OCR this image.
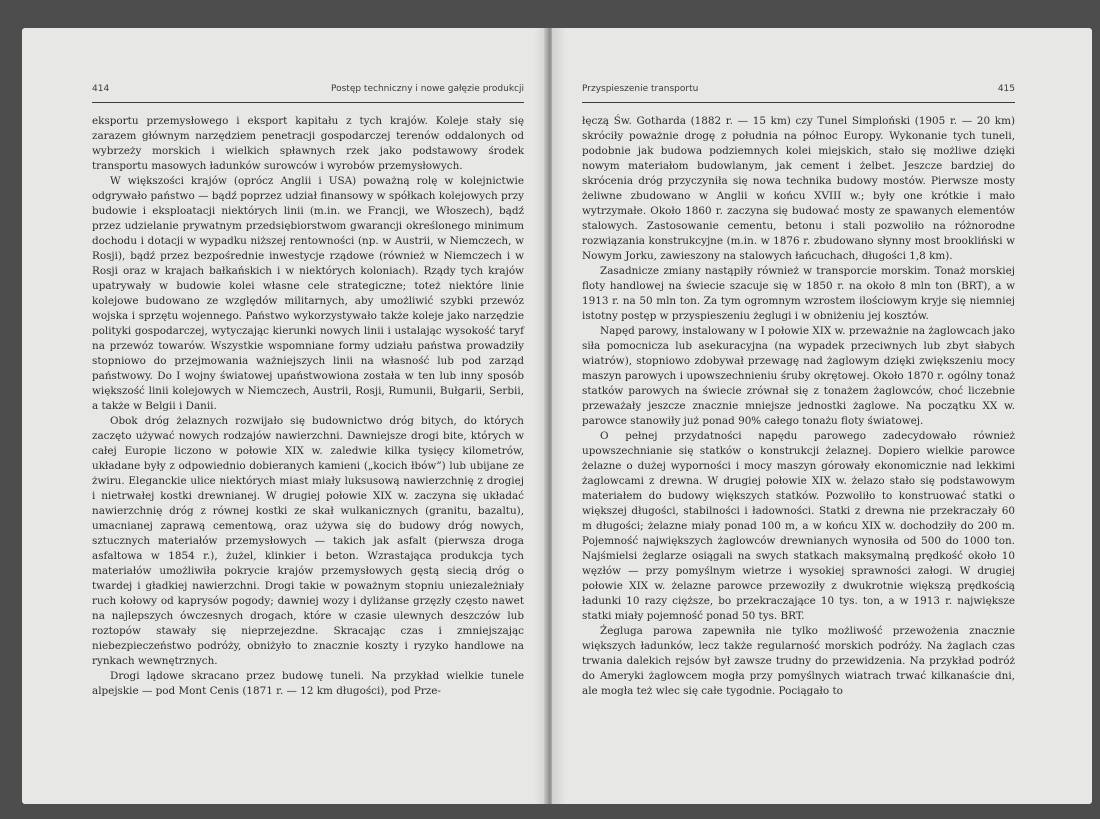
414	Postęp techniczny i nowe gałęzie produkcji

eksportu przemysłowego i eksport kapitału z tych krajów. Koleje stały się zarazem głównym narzędziem penetracji gospodarczej terenów oddalonych od wybrzeży morskich i wielkich spławnych rzek jako podstawowy środek transportu masowych ładunków surowców i wyrobów przemysłowych.

W większości krajów (oprócz Anglii i USA) poważną rolę w kolejnictwie odgrywało państwo — bądź poprzez udział finansowy w spółkach kolejowych przy budowie i eksploatacji niektórych linii (m.in. we Francji, we Włoszech), bądź przez udzielanie prywatnym przedsiębiorstwom gwarancji określonego minimum dochodu i dotacji w wypadku niższej rentowności (np. w Austrii, w Niemczech, w Rosji), bądź przez bezpośrednie inwestycje rządowe (również w Niemczech i w Rosji oraz w krajach bałkańskich i w niektórych koloniach). Rządy tych krajów upatrywały w budowie kolei własne cele strategiczne; toteż niektóre linie kolejowe budowano ze względów militarnych, aby umożliwić szybki przewóz wojska i sprzętu wojennego. Państwo wykorzystywało także koleje jako narzędzie polityki gospodarczej, wytyczając kierunki nowych linii i ustalając wysokość taryf na przewóz towarów. Wszystkie wspomniane formy udziału państwa prowadziły stopniowo do przejmowania ważniejszych linii na własność lub pod zarząd państwowy. Do I wojny światowej upaństwowiona została w ten lub inny sposób większość linii kolejowych w Niemczech, Austrii, Rosji, Rumunii, Bułgarii, Serbii, a także w Belgii i Danii.

Obok dróg żelaznych rozwijało się budownictwo dróg bitych, do których zaczęto używać nowych rodzajów nawierzchni. Dawniejsze drogi bite, których w całej Europie liczono w połowie XIX w. zaledwie kilka tysięcy kilometrów, układane były z odpowiednio dobieranych kamieni („kocich łbów”) lub ubijane ze żwiru. Eleganckie ulice niektórych miast miały luksusową nawierzchnię z drogiej i nietrwałej kostki drewnianej. W drugiej połowie XIX w. zaczyna się układać nawierzchnię dróg z równej kostki ze skał wulkanicznych (granitu, bazaltu), umacnianej zaprawą cementową, oraz używa się do budowy dróg nowych, sztucznych materiałów przemysłowych — takich jak asfalt (pierwsza droga asfaltowa w 1854 r.), żużel, klinkier i beton. Wzrastająca produkcja tych materiałów umożliwiła pokrycie krajów przemysłowych gęstą siecią dróg o twardej i gładkiej nawierzchni. Drogi takie w poważnym stopniu uniezależniały ruch kołowy od kaprysów pogody; dawniej wozy i dyliżanse grzęzły często nawet na najlepszych ówczesnych drogach, które w czasie ulewnych deszczów lub roztopów stawały się nieprzejezdne. Skracając czas i zmniejszając niebezpieczeństwo podróży, obniżyło to znacznie koszty i ryzyko handlowe na rynkach wewnętrznych.

Drogi lądowe skracano przez budowę tuneli. Na przykład wielkie tunele alpejskie — pod Mont Cenis (1871 r. — 12 km długości), pod Prze-

Przyspieszenie transportu	415

łęczą Św. Gotharda (1882 r. — 15 km) czy Tunel Simploński (1905 r. — 20 km) skróciły poważnie drogę z południa na północ Europy. Wykonanie tych tuneli, podobnie jak budowa podziemnych kolei miejskich, stało się możliwe dzięki nowym materiałom budowlanym, jak cement i żelbet. Jeszcze bardziej do skrócenia dróg przyczyniła się nowa technika budowy mostów. Pierwsze mosty żeliwne zbudowano w Anglii w końcu XVIII w.; były one krótkie i mało wytrzymałe. Około 1860 r. zaczyna się budować mosty ze spawanych elementów stalowych. Zastosowanie cementu, betonu i stali pozwoliło na różnorodne rozwiązania konstrukcyjne (m.in. w 1876 r. zbudowano słynny most brookliński w Nowym Jorku, zawieszony na stalowych łańcuchach, długości 1,8 km).

Zasadnicze zmiany nastąpiły również w transporcie morskim. Tonaż morskiej floty handlowej na świecie szacuje się w 1850 r. na około 8 mln ton (BRT), a w 1913 r. na 50 mln ton. Za tym ogromnym wzrostem ilościowym kryje się niemniej istotny postęp w przyspieszeniu żeglugi i w obniżeniu jej kosztów.

Napęd parowy, instalowany w I połowie XIX w. przeważnie na żaglowcach jako siła pomocnicza lub asekuracyjna (na wypadek przeciwnych lub zbyt słabych wiatrów), stopniowo zdobywał przewagę nad żaglowym dzięki zwiększeniu mocy maszyn parowych i upowszechnieniu śruby okrętowej. Około 1870 r. ogólny tonaż statków parowych na świecie zrównał się z tonażem żaglowców, choć liczebnie przeważały jeszcze znacznie mniejsze jednostki żaglowe. Na początku XX w. parowce stanowiły już ponad 90% całego tonażu floty światowej.

O pełnej przydatności napędu parowego zadecydowało również upowszechnianie się statków o konstrukcji żelaznej. Dopiero wielkie parowce żelazne o dużej wyporności i mocy maszyn górowały ekonomicznie nad lekkimi żaglowcami z drewna. W drugiej połowie XIX w. żelazo stało się podstawowym materiałem do budowy większych statków. Pozwoliło to konstruować statki o większej długości, stabilności i ładowności. Statki z drewna nie przekraczały 60 m długości; żelazne miały ponad 100 m, a w końcu XIX w. dochodziły do 200 m. Pojemność największych żaglowców drewnianych wynosiła od 500 do 1000 ton. Najśmielsi żeglarze osiągali na swych statkach maksymalną prędkość około 10 węzłów — przy pomyślnym wietrze i wysokiej sprawności załogi. W drugiej połowie XIX w. żelazne parowce przewoziły z dwukrotnie większą prędkością ładunki 10 razy cięższe, bo przekraczające 10 tys. ton, a w 1913 r. największe statki miały pojemność ponad 50 tys. BRT.

Żegluga parowa zapewniła nie tylko możliwość przewożenia znacznie większych ładunków, lecz także regularność morskich podróży. Na żaglach czas trwania dalekich rejsów był zawsze trudny do przewidzenia. Na przykład podróż do Ameryki żaglowcem mogła przy pomyślnych wiatrach trwać kilkanaście dni, ale mogła też wlec się całe tygodnie. Pociągało to
